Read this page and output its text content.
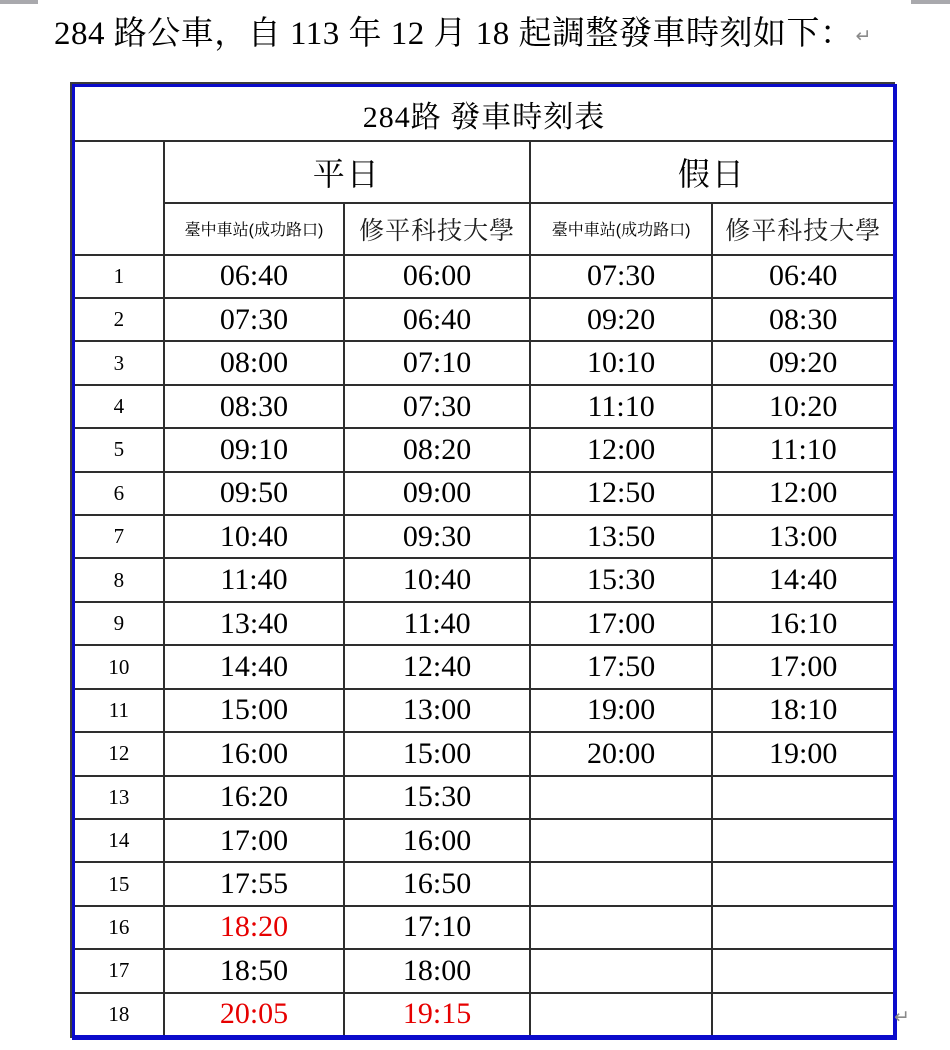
284 路公車，自 113 年 12 月 18 起調整發車時刻如下： ↵
284路 發車時刻表				
	平日		假日	
	臺中車站(成功路口)	修平科技大學	臺中車站(成功路口)	修平科技大學
1	06:40	06:00	07:30	06:40
2	07:30	06:40	09:20	08:30
3	08:00	07:10	10:10	09:20
4	08:30	07:30	11:10	10:20
5	09:10	08:20	12:00	11:10
6	09:50	09:00	12:50	12:00
7	10:40	09:30	13:50	13:00
8	11:40	10:40	15:30	14:40
9	13:40	11:40	17:00	16:10
10	14:40	12:40	17:50	17:00
11	15:00	13:00	19:00	18:10
12	16:00	15:00	20:00	19:00
13	16:20	15:30		
14	17:00	16:00		
15	17:55	16:50		
16	18:20	17:10		
17	18:50	18:00		
18	20:05	19:15			↵
